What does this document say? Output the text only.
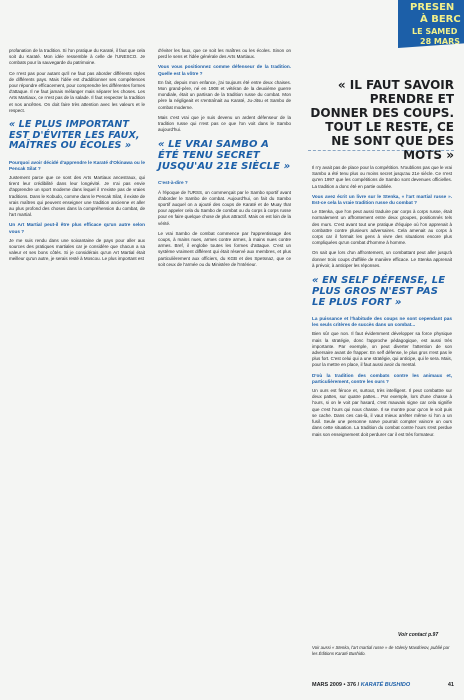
PRESEN
À BERC
LE SAMED
28 MARS

profanation de la tradition. Si l'on pratique du Karaté, il faut que cela soit du Karaté. Mon idée ressemble à celle de l'UNESCO. Je combats pour la sauvegarde du patrimoine.

Ce n'est pas pour autant qu'il ne faut pas aborder différents styles de différents pays. Mais l'idée est d'additionner ses compétences pour répondre efficacement, pour comprendre les différentes formes d'attaque. Il ne faut jamais mélanger mais séparer les choses. Les Arts Martiaux, ce n'est pas de la salade. Il faut respecter la tradition et nos ancêtres. On doit faire très attention avec les valeurs et le respect.

« LE PLUS IMPORTANT EST D'ÉVITER LES FAUX, MAÎTRES OU ÉCOLES »
Pourquoi avoir décidé d'apprendre le Karaté d'Okinawa ou le Pencak Silat ?

Justement parce que ce sont des Arts Martiaux ancestraux, qui tirent leur crédibilité dans leur longévité. Je n'ai pas envie d'apprendre un sport moderne dans lequel il n'existe pas de vraies traditions. Dans le Kobudo, comme dans le Pencak Silat, il existe de vrais maîtres qui peuvent enseigner une tradition ancienne et aller au plus profond des choses dans la compréhension du combat, de l'art martial.

Un Art Martial peut-il être plus efficace qu'un autre selon vous ?

Je me suis rendu dans une soixantaine de pays pour aller aux sources des pratiques martiales car je considère que chacun a sa valeur et ses bons côtés. Si je considérais qu'un Art Martial était meilleur qu'un autre, je serais resté à Moscou. Le plus important est

d'éviter les faux, que ce soit les maîtres ou les écoles. Sinon on perd le sens et l'idée générale des Arts Martiaux.

Vous vous positionnez comme défenseur de la tradition. Quelle est la vôtre ?

En fait, depuis mon enfance, j'ai toujours été entre deux chaises. Mon grand-père, né en 1908 et vétéran de la deuxième guerre mondiale, était un partisan de la tradition russe du combat. Mon père la négligeait et s'entraînait au Karaté, Ju-Jitsu et Sambo de combat moderne.

Mais c'est vrai que je suis devenu un ardent défenseur de la tradition russe qui n'est pas ce que l'on voit dans le Sambo aujourd'hui.

« LE VRAI SAMBO A ÉTÉ TENU SECRET JUSQU'AU 21E SIÈCLE »
C'est-à-dire ?

À l'époque de l'URSS, on commençait par le Sambo sportif avant d'aborder le Sambo de combat. Aujourd'hui, on fait du Sambo sportif auquel on a ajouté des coups de Karaté et de Muay thaï pour appeler cela du Sambo de combat ou du corps à corps russe pour en faire quelque chose de plus attractif. Mais on est loin de la vérité.

Le vrai Sambo de combat commence par l'apprentissage des coups, à mains nues, armes contre armes, à mains nues contre armes. Bref, il englobe toutes les formes d'attaque. C'est un système vraiment différent qui était réservé aux membres, et plus particulièrement aux officiers, du KGB et des Spetsnaz, que ce soit ceux de l'armée ou du Ministère de l'Intérieur.

« IL FAUT SAVOIR PRENDRE ET DONNER DES COUPS. TOUT LE RESTE, CE NE SONT QUE DES MOTS »

Il n'y avait pas de place pour la compétition. N'oublions pas que le vrai Sambo a été tenu plus ou moins secret jusqu'au 21e siècle. Ce n'est qu'en 1997 que les compétitions de Sambo sont devenues officielles. La tradition a donc été en partie oubliée.

Vous avez écrit un livre sur le Stenka, « l'art martial russe ». Est-ce cela la vraie tradition russe du combat ?

Le Stenka, que l'on peut aussi traduire par corps à corps russe, était normalement un affrontement entre deux groupes, positionnés tels des murs. C'est avant tout une pratique d'équipe où l'on apprenait à combattre contre plusieurs adversaires. Cela amenait au corps à corps car il formait les gens à vivre des situations encore plus compliquées qu'un combat d'homme à homme.

On sait que lors d'un affrontement, un combattant peut aller jusqu'à donner trois coups d'affilée de manière efficace. Le Stenka apprenait à prévoir, à anticiper les réponses.

« EN SELF DÉFENSE, LE PLUS GROS N'EST PAS LE PLUS FORT »
La puissance et l'habitude des coups ne sont cependant pas les seuls critères de succès dans un combat...

Bien sûr que non. Il faut évidemment développer sa force physique mais la stratégie, donc l'approche pédagogique, est aussi très importante. Par exemple, on peut diverter l'attention de son adversaire avant de frapper. En self défense, le plus gros n'est pas le plus fort. C'est celui qui a une stratégie, qui anticipe, qui le sera. Mais, pour la mettre en place, il faut aussi avoir du mental.

D'où la tradition des combats contre les animaux et, particulièrement, contre les ours ?

Un ours est féroce et, surtout, très intelligent. Il peut combattre sur deux pattes, sur quatre pattes... Par exemple, lors d'une chasse à l'ours, si on le voit par hasard, c'est mauvais signe car cela signifie que c'est l'ours qui nous chasse. Il se montre pour qu'on le voit puis se cache. Dans ces cas-là, il vaut mieux arrêter même si l'on a un fusil. Seule une personne naïve pourrait compter vaincre un ours dans cette situation. La tradition du combat contre l'ours s'est perdue mais son enseignement doit perdurer car il est très formateur.

Voir contact p.97
Voir aussi « Stenka, l'art martial russe » de Valeriy Maxdrieov, publié par les Éditions Karaté Bushido.
MARS 2009 • 376 / KARATÉ BUSHIDO	41
